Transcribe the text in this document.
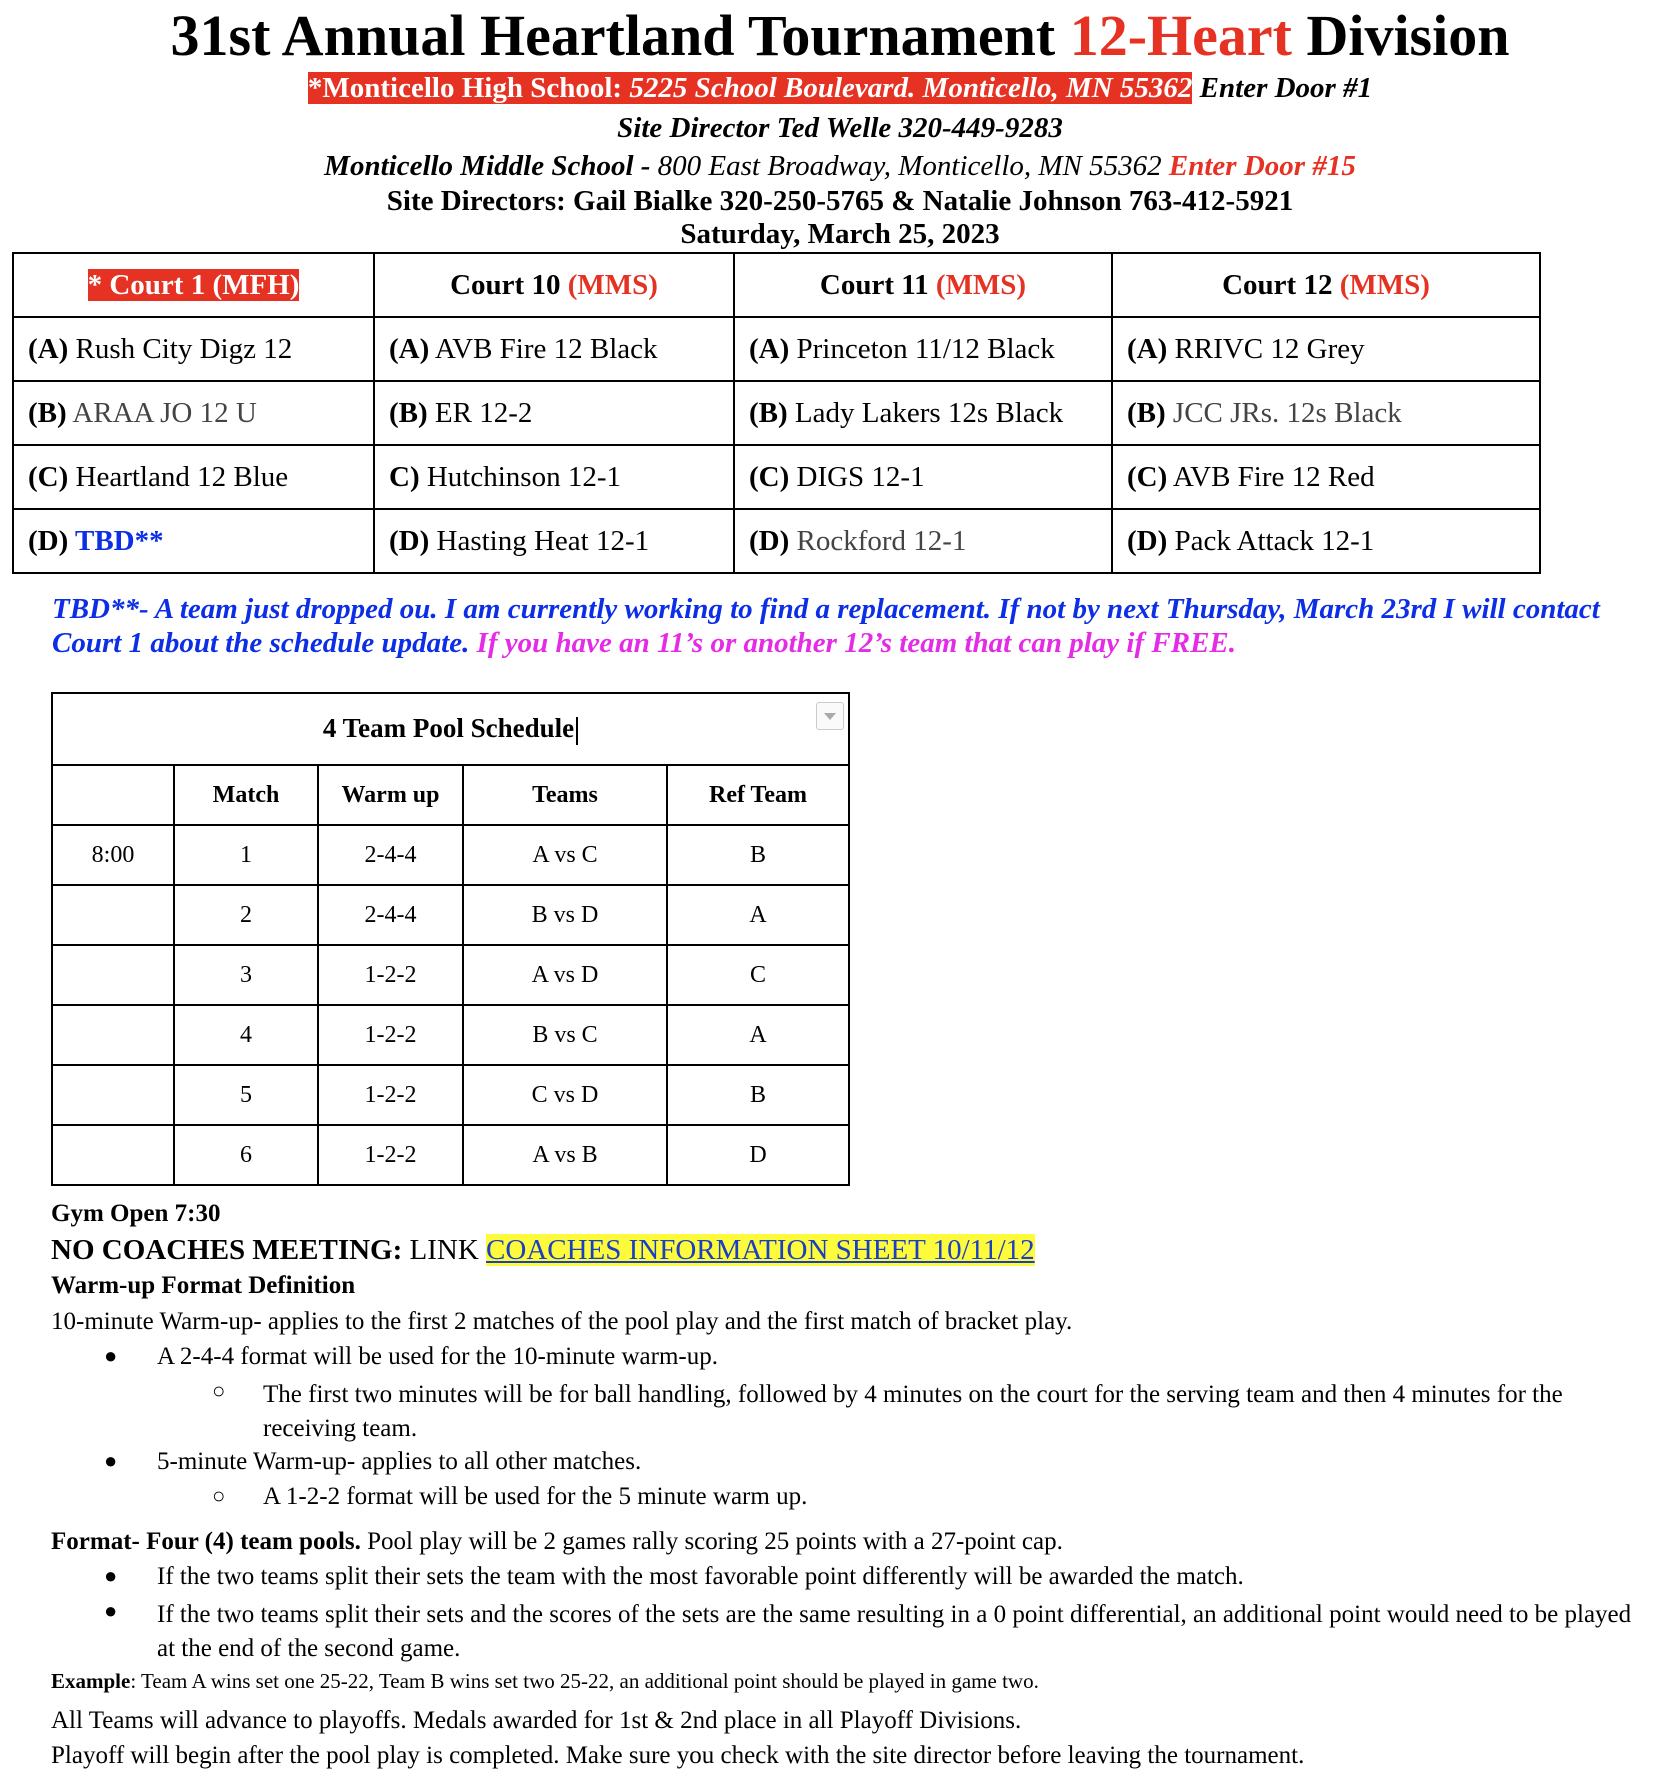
31st Annual Heartland Tournament 12-Heart Division
*Monticello High School: 5225 School Boulevard. Monticello, MN 55362 Enter Door #1
Site Director Ted Welle 320-449-9283
Monticello Middle School - 800 East Broadway, Monticello, MN 55362 Enter Door #15
Site Directors: Gail Bialke 320-250-5765 & Natalie Johnson 763-412-5921
Saturday, March 25, 2023
* Court 1 (MFH)	Court 10 (MMS)	Court 11 (MMS)	Court 12 (MMS)
(A) Rush City Digz 12	(A) AVB Fire 12 Black	(A) Princeton 11/12 Black	(A) RRIVC 12 Grey
(B) ARAA JO 12 U	(B) ER 12-2	(B) Lady Lakers 12s Black	(B) JCC JRs. 12s Black
(C) Heartland 12 Blue	C) Hutchinson 12-1	(C) DIGS 12-1	(C) AVB Fire 12 Red
(D) TBD**	(D) Hasting Heat 12-1	(D) Rockford 12-1	(D) Pack Attack 12-1
TBD**- A team just dropped ou. I am currently working to find a replacement. If not by next Thursday, March 23rd I will contact Court 1 about the schedule update. If you have an 11’s or another 12’s team that can play if FREE.
4 Team Pool Schedule				

	Match	Warm up	Teams	Ref Team
8:00	1	2-4-4	A vs C	B
	2	2-4-4	B vs D	A
	3	1-2-2	A vs D	C
	4	1-2-2	B vs C	A
	5	1-2-2	C vs D	B
	6	1-2-2	A vs B	D
Gym Open 7:30
NO COACHES MEETING: LINK COACHES INFORMATION SHEET 10/11/12
Warm-up Format Definition
10-minute Warm-up- applies to the first 2 matches of the pool play and the first match of bracket play.
● A 2-4-4 format will be used for the 10-minute warm-up.
○ The first two minutes will be for ball handling, followed by 4 minutes on the court for the serving team and then 4 minutes for the receiving team.
● 5-minute Warm-up- applies to all other matches.
○ A 1-2-2 format will be used for the 5 minute warm up.
Format- Four (4) team pools. Pool play will be 2 games rally scoring 25 points with a 27-point cap.
● If the two teams split their sets the team with the most favorable point differently will be awarded the match.
● If the two teams split their sets and the scores of the sets are the same resulting in a 0 point differential, an additional point would need to be played at the end of the second game.
Example: Team A wins set one 25-22, Team B wins set two 25-22, an additional point should be played in game two.
All Teams will advance to playoffs. Medals awarded for 1st & 2nd place in all Playoff Divisions.
Playoff will begin after the pool play is completed. Make sure you check with the site director before leaving the tournament.
